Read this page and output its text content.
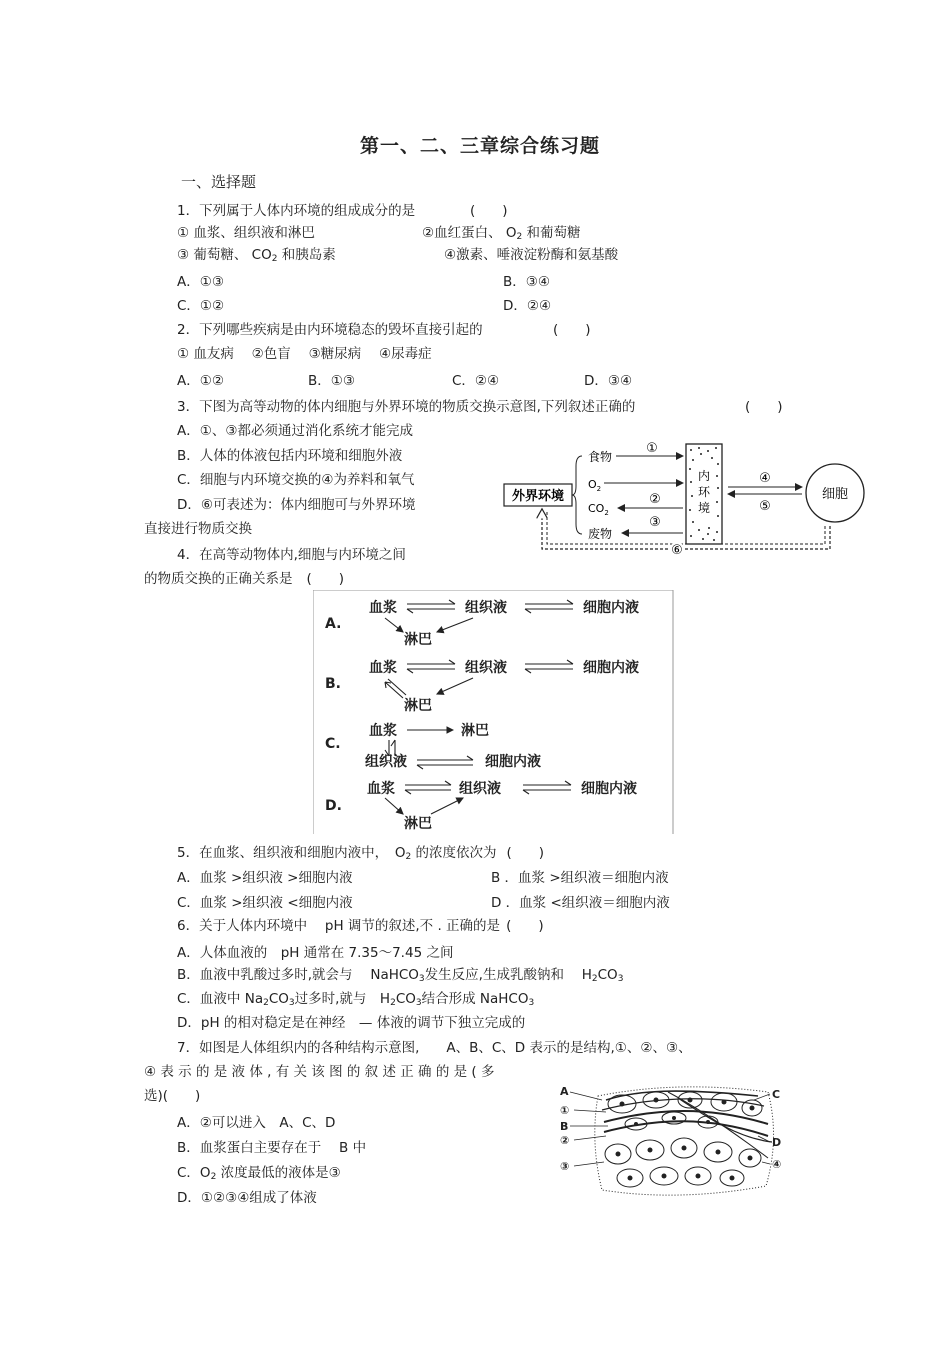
第一、二、三章综合练习题
一、选择题
1．下列属于人体内环境的组成成分的是	(　　)
① 血浆、组织液和淋巴	②血红蛋白、 $O_2$ 和葡萄糖
③ 葡萄糖、 $CO_2$ 和胰岛素	④激素、唾液淀粉酶和氨基酸
A．①③	B．③④
C．①②	D．②④
2．下列哪些疾病是由内环境稳态的毁坏直接引起的	(　　)
① 血友病　 ②色盲　 ③糖尿病　 ④尿毒症
A．①②	B．①③	C．②④	D．③④
3．下图为高等动物的体内细胞与外界环境的物质交换示意图,下列叙述正确的	(　　)
A．①、③都必须通过消化系统才能完成
B．人体的体液包括内环境和细胞外液
C．细胞与内环境交换的④为养料和氧气
D．⑥可表述为：体内细胞可与外界环境
直接进行物质交换
外界环境
食物
$O_2$
$CO_2$
废物
①
②
③
内
环
境
④
⑤
细胞
⑥
4．在高等动物体内,细胞与内环境之间
的物质交换的正确关系是 (　　)
A.
血浆	组织液	细胞内液
淋巴
B.
血浆	组织液	细胞内液
淋巴
C.
血浆	淋巴
组织液	细胞内液
D.
血浆	组织液	细胞内液
淋巴
5．在血浆、组织液和细胞内液中，　$O_2$ 的浓度依次为 (　　)
A．血浆 >组织液 >细胞内液	B ．血浆 >组织液＝细胞内液
C．血浆 >组织液 <细胞内液	D ．血浆 <组织液＝细胞内液
6．关于人体内环境中　 pH 调节的叙述,不 . 正确的是 (　　)
A．人体血液的　pH 通常在 7.35～7.45 之间
B．血液中乳酸过多时,就会与　 NaHCO$_3$发生反应,生成乳酸钠和　 $H_2CO_3$
C．血液中 $Na_2CO_3$过多时,就与　$H_2CO_3$结合形成 NaHCO$_3$
D．pH 的相对稳定是在神经　— 体液的调节下独立完成的
7．如图是人体组织内的各种结构示意图,　　A、B、C、D 表示的是结构,①、②、③、
④ 表 示 的 是 液 体 , 有 关 该 图 的 叙 述 正 确 的 是 ( 多
选)(　　)
A．②可以进入　A、C、D
B．血浆蛋白主要存在于　 B 中
C．$O_2$ 浓度最低的液体是③
D．①②③④组成了体液
A
①
B
②
③
C
D
④
